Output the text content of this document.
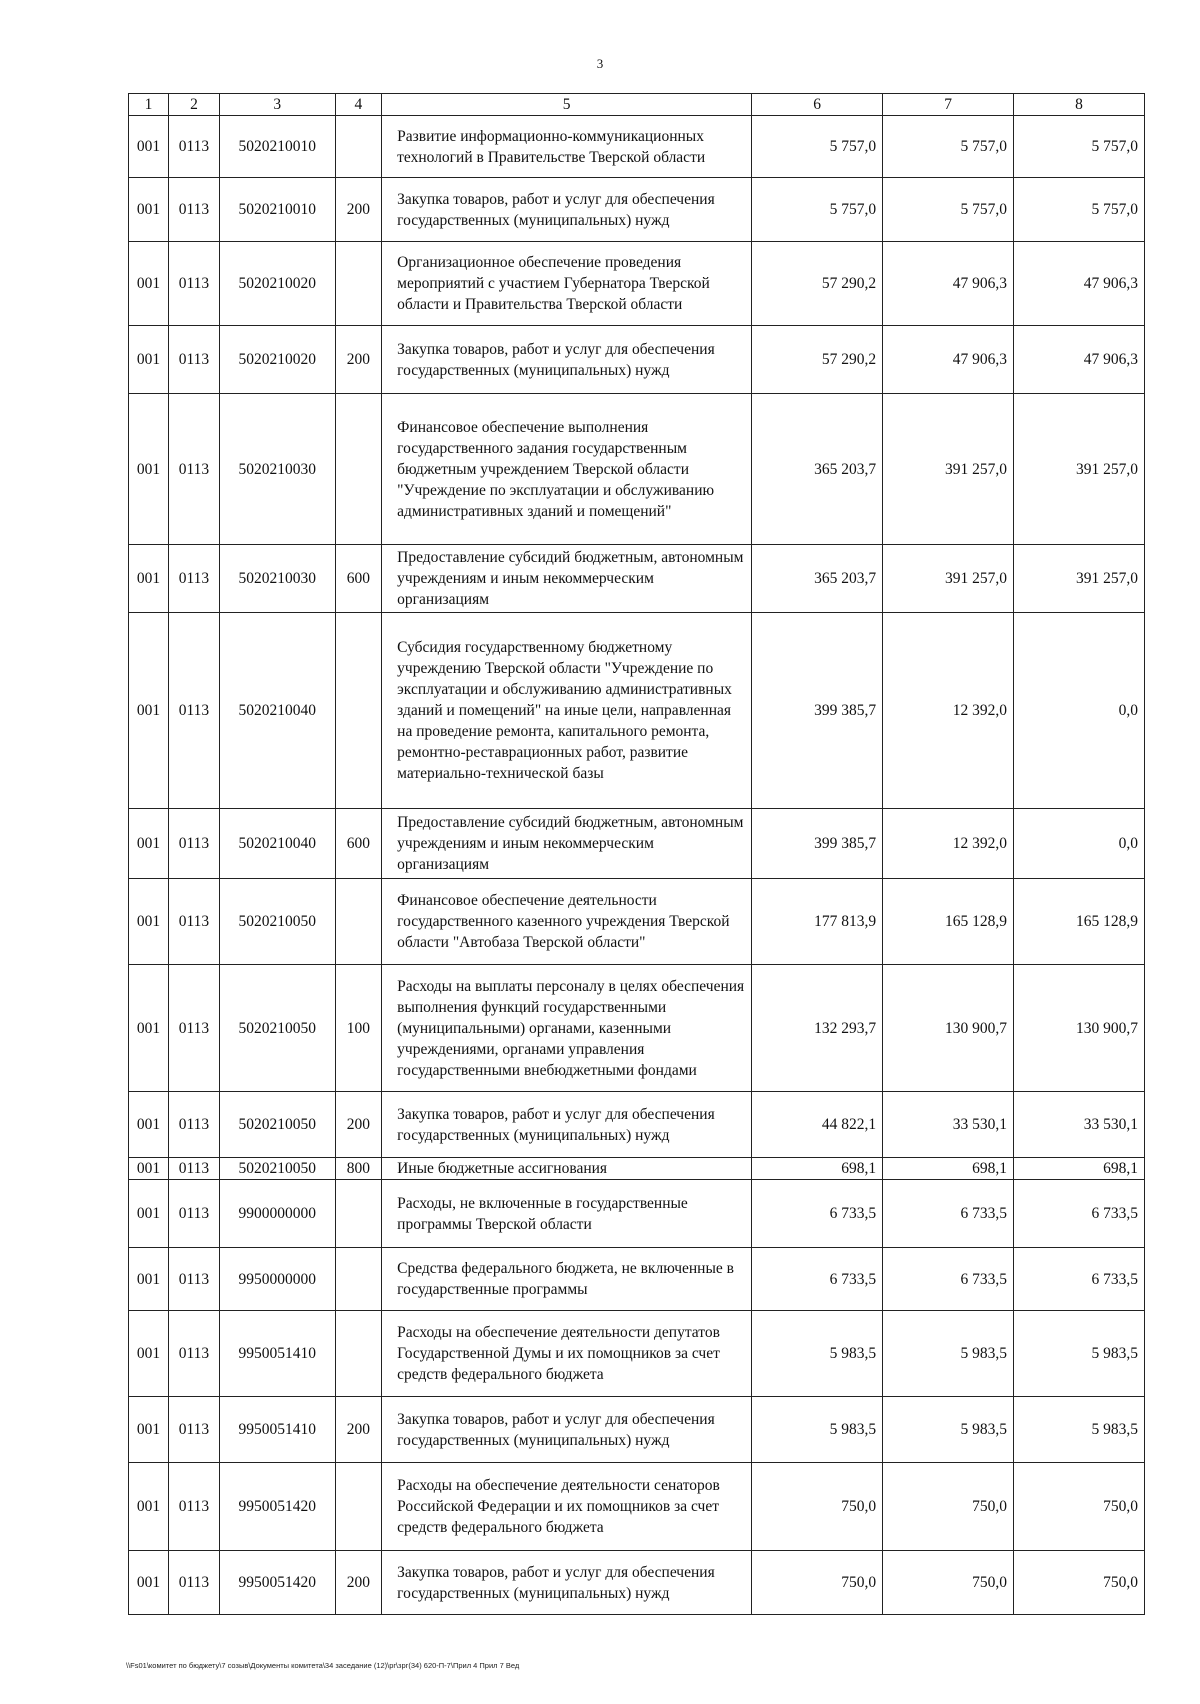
3
1	2	3	4	5	6	7	8
001	0113	5020210010		Развитие информационно-коммуникационных технологий в Правительстве Тверской области	5 757,0	5 757,0	5 757,0
001	0113	5020210010	200	Закупка товаров, работ и услуг для обеспечения государственных (муниципальных) нужд	5 757,0	5 757,0	5 757,0
001	0113	5020210020		Организационное обеспечение проведения мероприятий с участием Губернатора Тверской области и Правительства Тверской области	57 290,2	47 906,3	47 906,3
001	0113	5020210020	200	Закупка товаров, работ и услуг для обеспечения государственных (муниципальных) нужд	57 290,2	47 906,3	47 906,3
001	0113	5020210030		Финансовое обеспечение выполнения государственного задания государственным бюджетным учреждением Тверской области "Учреждение по эксплуатации и обслуживанию административных зданий и помещений"	365 203,7	391 257,0	391 257,0
001	0113	5020210030	600	Предоставление субсидий бюджетным, автономным учреждениям и иным некоммерческим организациям	365 203,7	391 257,0	391 257,0
001	0113	5020210040		Субсидия государственному бюджетному учреждению Тверской области "Учреждение по эксплуатации и обслуживанию административных зданий и помещений" на иные цели, направленная на проведение ремонта, капитального ремонта, ремонтно-реставрационных работ, развитие материально-технической базы	399 385,7	12 392,0	0,0
001	0113	5020210040	600	Предоставление субсидий бюджетным, автономным учреждениям и иным некоммерческим организациям	399 385,7	12 392,0	0,0
001	0113	5020210050		Финансовое обеспечение деятельности государственного казенного учреждения Тверской области "Автобаза Тверской области"	177 813,9	165 128,9	165 128,9
001	0113	5020210050	100	Расходы на выплаты персоналу в целях обеспечения выполнения функций государственными (муниципальными) органами, казенными учреждениями, органами управления государственными внебюджетными фондами	132 293,7	130 900,7	130 900,7
001	0113	5020210050	200	Закупка товаров, работ и услуг для обеспечения государственных (муниципальных) нужд	44 822,1	33 530,1	33 530,1
001	0113	5020210050	800	Иные бюджетные ассигнования	698,1	698,1	698,1
001	0113	9900000000		Расходы, не включенные в государственные программы Тверской области	6 733,5	6 733,5	6 733,5
001	0113	9950000000		Средства федерального бюджета, не включенные в государственные программы	6 733,5	6 733,5	6 733,5
001	0113	9950051410		Расходы на обеспечение деятельности депутатов Государственной Думы и их помощников за счет средств федерального бюджета	5 983,5	5 983,5	5 983,5
001	0113	9950051410	200	Закупка товаров, работ и услуг для обеспечения государственных (муниципальных) нужд	5 983,5	5 983,5	5 983,5
001	0113	9950051420		Расходы на обеспечение деятельности сенаторов Российской Федерации и их помощников за счет средств федерального бюджета	750,0	750,0	750,0
001	0113	9950051420	200	Закупка товаров, работ и услуг для обеспечения государственных (муниципальных) нужд	750,0	750,0	750,0
\\Fs01\комитет по бюджету\7 созыв\Документы комитета\34 заседание (12)\pr\зрг(34) 620-П-7\Прил 4 Прил 7 Вед
